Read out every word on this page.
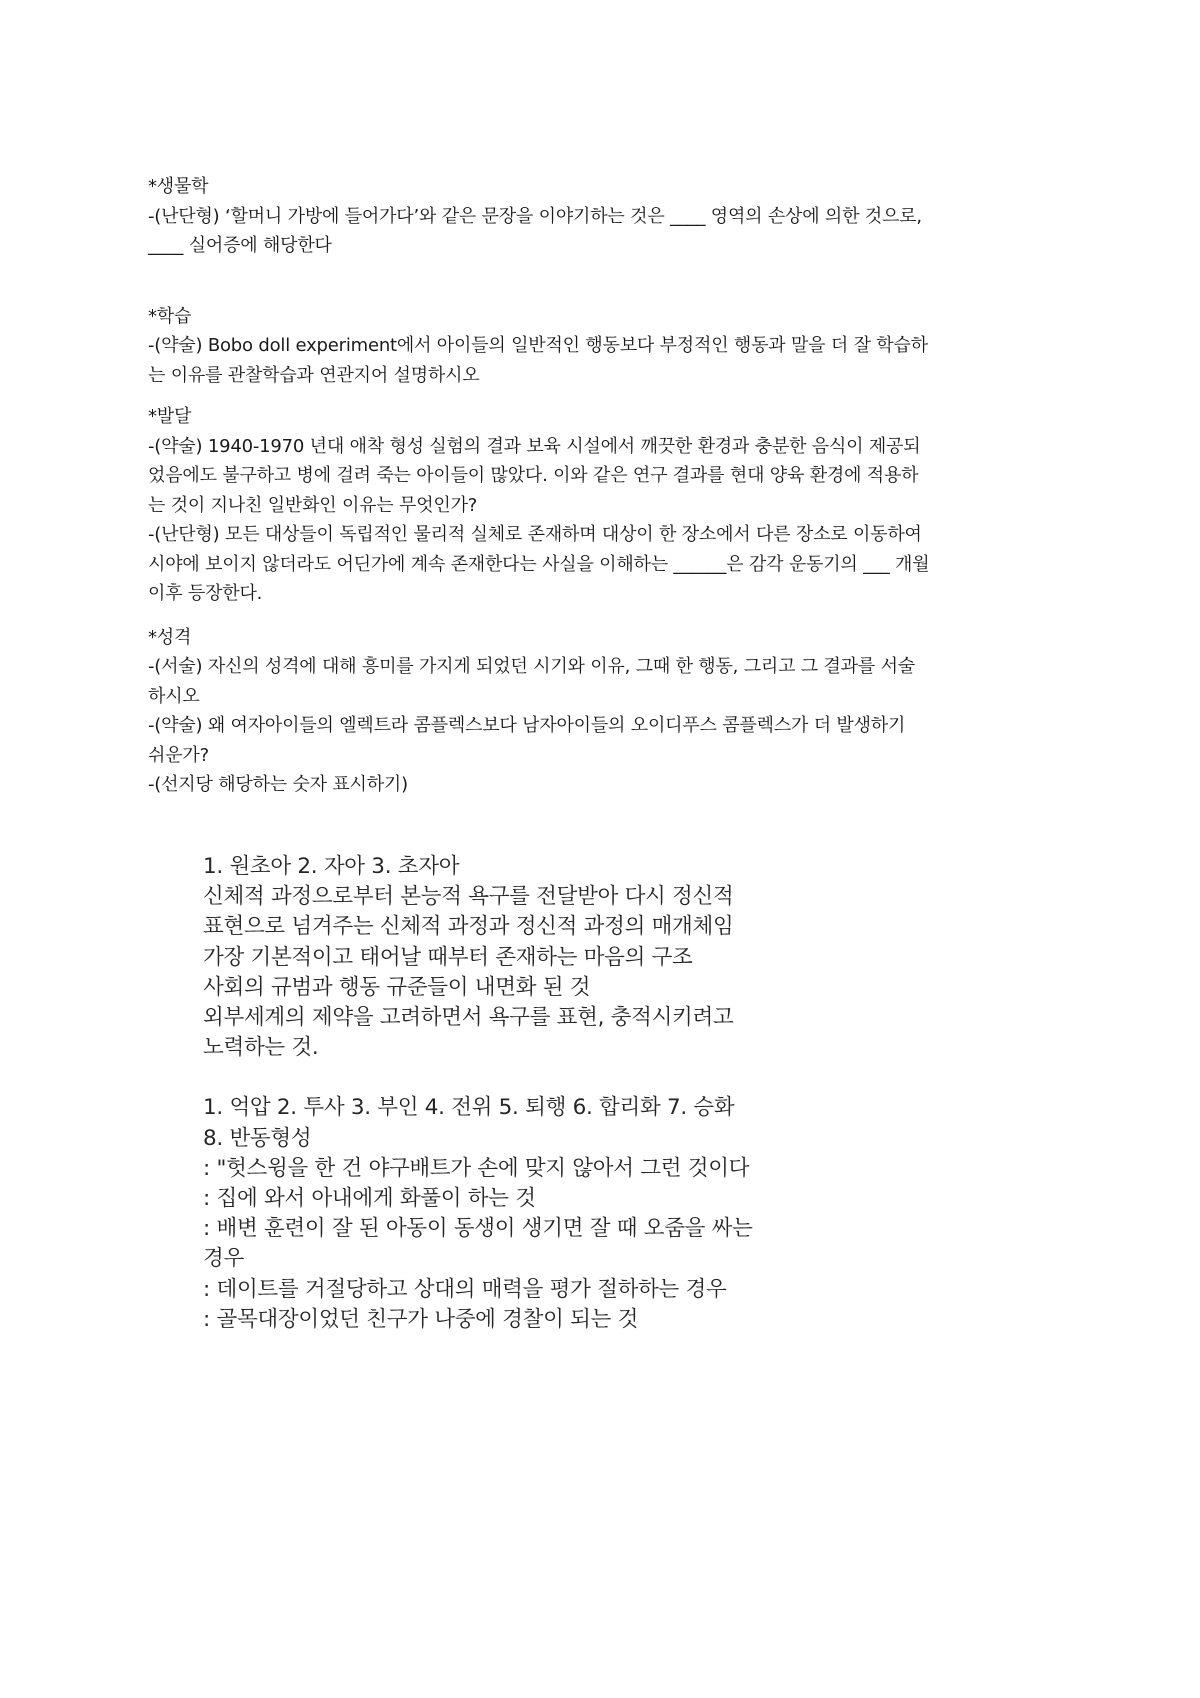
*생물학
-(난단형) ‘할머니 가방에 들어가다’와 같은 문장을 이야기하는 것은 ____ 영역의 손상에 의한 것으로,
____ 실어증에 해당한다
*학습
-(약술) Bobo doll experiment에서 아이들의 일반적인 행동보다 부정적인 행동과 말을 더 잘 학습하
는 이유를 관찰학습과 연관지어 설명하시오
*발달
-(약술) 1940-1970 년대 애착 형성 실험의 결과 보육 시설에서 깨끗한 환경과 충분한 음식이 제공되
었음에도 불구하고 병에 걸려 죽는 아이들이 많았다. 이와 같은 연구 결과를 현대 양육 환경에 적용하
는 것이 지나친 일반화인 이유는 무엇인가?
-(난단형) 모든 대상들이 독립적인 물리적 실체로 존재하며 대상이 한 장소에서 다른 장소로 이동하여
시야에 보이지 않더라도 어딘가에 계속 존재한다는 사실을 이해하는 ______은 감각 운동기의 ___ 개월
이후 등장한다.
*성격
-(서술) 자신의 성격에 대해 흥미를 가지게 되었던 시기와 이유, 그때 한 행동, 그리고 그 결과를 서술
하시오
-(약술) 왜 여자아이들의 엘렉트라 콤플렉스보다 남자아이들의 오이디푸스 콤플렉스가 더 발생하기
쉬운가?
-(선지당 해당하는 숫자 표시하기)
1. 원초아 2. 자아 3. 초자아
신체적 과정으로부터 본능적 욕구를 전달받아 다시 정신적
표현으로 넘겨주는 신체적 과정과 정신적 과정의 매개체임
가장 기본적이고 태어날 때부터 존재하는 마음의 구조
사회의 규범과 행동 규준들이 내면화 된 것
외부세계의 제약을 고려하면서 욕구를 표현, 충적시키려고
노력하는 것.
1. 억압 2. 투사 3. 부인 4. 전위 5. 퇴행 6. 합리화 7. 승화
8. 반동형성
: "헛스윙을 한 건 야구배트가 손에 맞지 않아서 그런 것이다
: 집에 와서 아내에게 화풀이 하는 것
: 배변 훈련이 잘 된 아동이 동생이 생기면 잘 때 오줌을 싸는
경우
: 데이트를 거절당하고 상대의 매력을 평가 절하하는 경우
: 골목대장이었던 친구가 나중에 경찰이 되는 것
